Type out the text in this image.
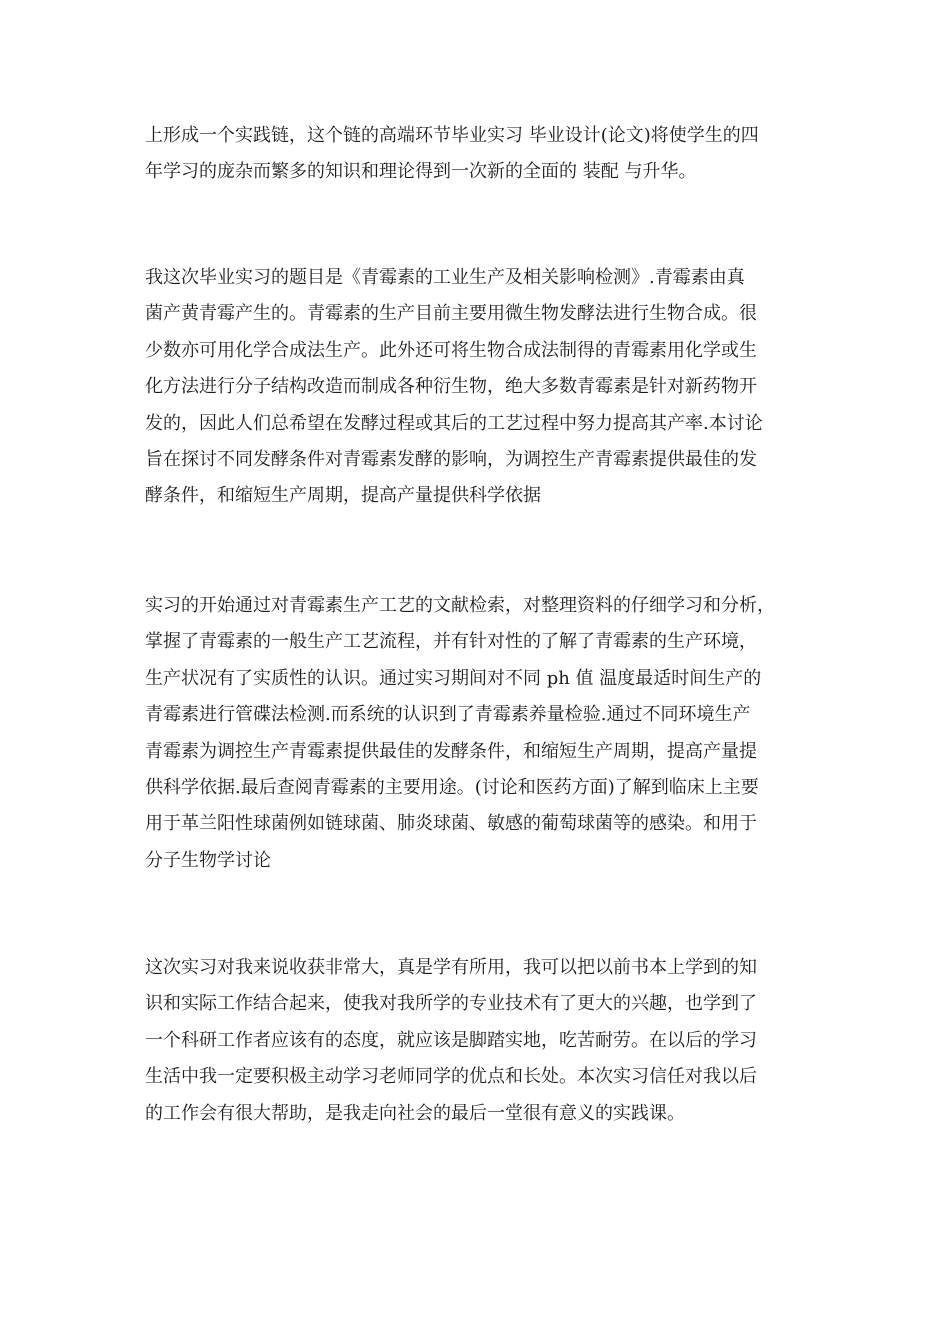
上形成一个实践链，这个链的高端环节毕业实习 毕业设计(论文)将使学生的四
年学习的庞杂而繁多的知识和理论得到一次新的全面的 装配 与升华。

我这次毕业实习的题目是《青霉素的工业生产及相关影响检测》.青霉素由真
菌产黄青霉产生的。青霉素的生产目前主要用微生物发酵法进行生物合成。很
少数亦可用化学合成法生产。此外还可将生物合成法制得的青霉素用化学或生
化方法进行分子结构改造而制成各种衍生物，绝大多数青霉素是针对新药物开
发的，因此人们总希望在发酵过程或其后的工艺过程中努力提高其产率.本讨论
旨在探讨不同发酵条件对青霉素发酵的影响，为调控生产青霉素提供最佳的发
酵条件，和缩短生产周期，提高产量提供科学依据

实习的开始通过对青霉素生产工艺的文献检索，对整理资料的仔细学习和分析，
掌握了青霉素的一般生产工艺流程，并有针对性的了解了青霉素的生产环境，
生产状况有了实质性的认识。通过实习期间对不同 ph 值 温度最适时间生产的
青霉素进行管碟法检测.而系统的认识到了青霉素养量检验.通过不同环境生产
青霉素为调控生产青霉素提供最佳的发酵条件，和缩短生产周期，提高产量提
供科学依据.最后查阅青霉素的主要用途。(讨论和医药方面)了解到临床上主要
用于革兰阳性球菌例如链球菌、肺炎球菌、敏感的葡萄球菌等的感染。和用于
分子生物学讨论

这次实习对我来说收获非常大，真是学有所用，我可以把以前书本上学到的知
识和实际工作结合起来，使我对我所学的专业技术有了更大的兴趣，也学到了
一个科研工作者应该有的态度，就应该是脚踏实地，吃苦耐劳。在以后的学习
生活中我一定要积极主动学习老师同学的优点和长处。本次实习信任对我以后
的工作会有很大帮助，是我走向社会的最后一堂很有意义的实践课。
